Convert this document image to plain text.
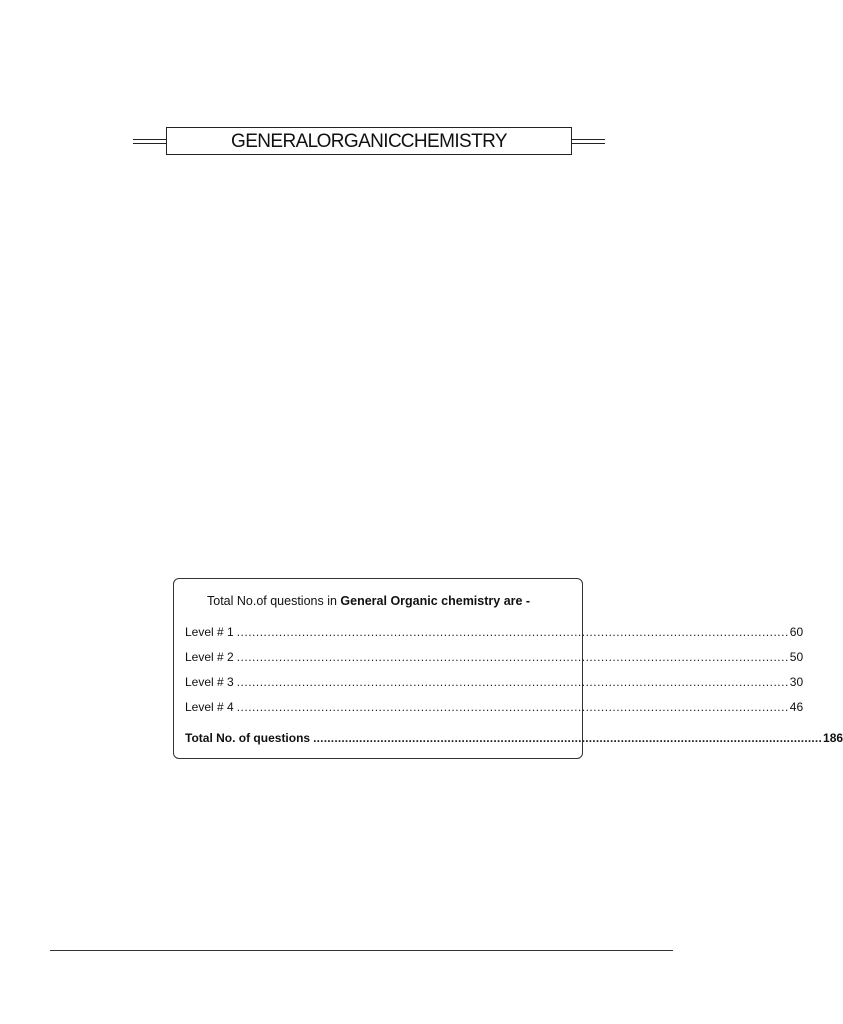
GENERAL ORGANIC CHEMISTRY
Total No.of questions in General Organic chemistry are -
Level # 1 ................................................................................................................................................ 60
Level # 2 ................................................................................................................................................ 50
Level # 3 ................................................................................................................................................ 30
Level # 4 ................................................................................................................................................ 46
Total No. of questions ................................................................................................................................................ 186
